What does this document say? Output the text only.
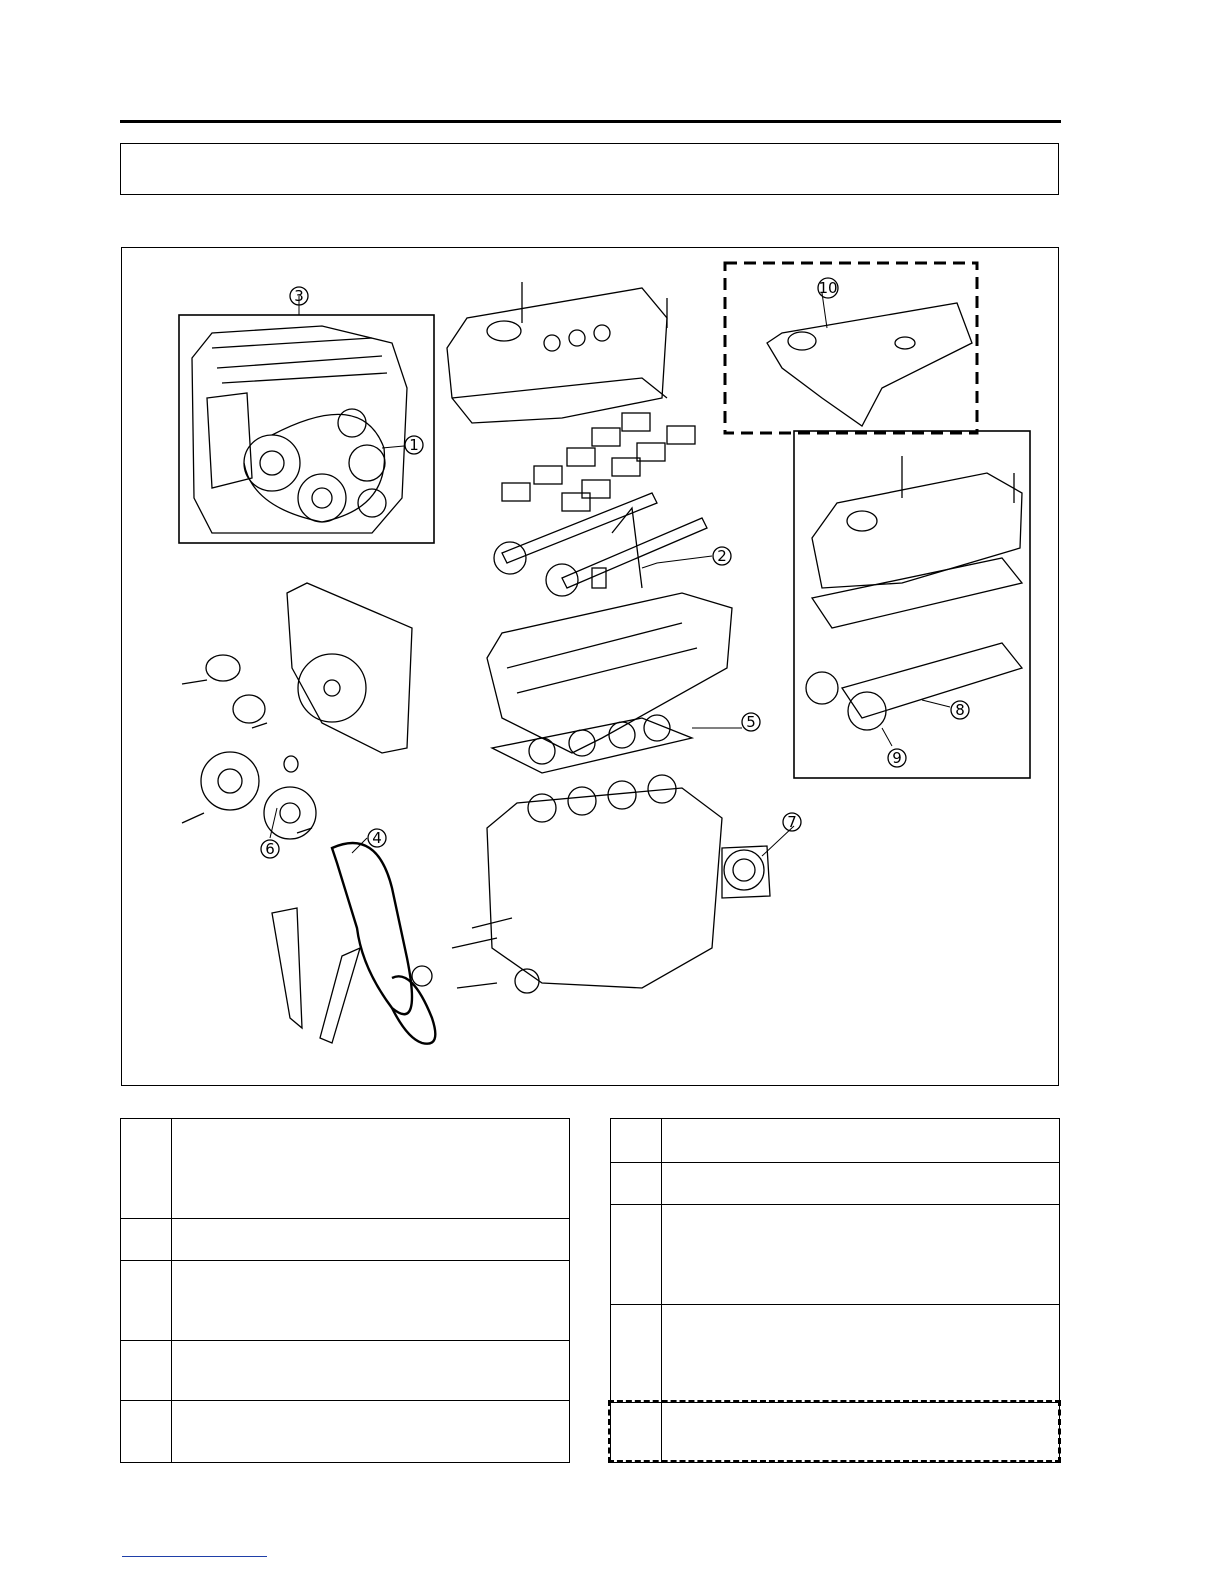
3
1
2
5
6
4
7
8
9
10
